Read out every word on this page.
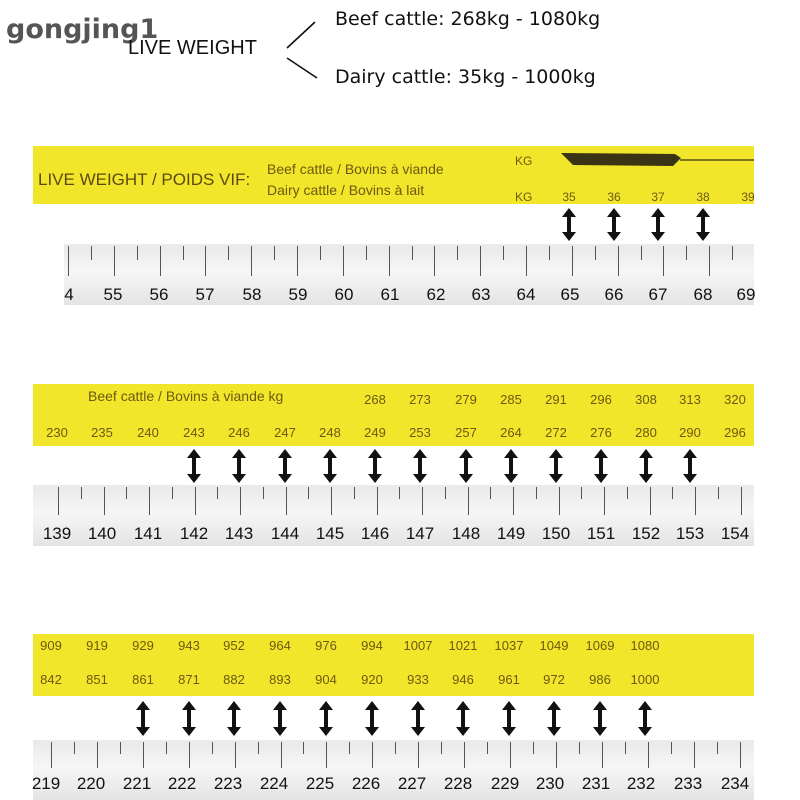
gongjing1
LIVE WEIGHT
Beef cattle: 268kg - 1080kg
Dairy cattle: 35kg - 1000kg
LIVE WEIGHT / POIDS VIF:
Beef cattle / Bovins à viande
Dairy cattle / Bovins à lait
KG
KG 35	36	37	38	39
4 55 56 57 58 59 60 61 62 63 64 65 66 67 68 69
Beef cattle / Bovins à viande kg	268 273 279 285 291 296 308 313 320
230 235 240 243 246 247 248 249 253 257 264 272 276 280 290 296
139 140 141 142 143 144 145 146 147 148 149 150 151 152 153 154
909 919 929 943 952 964 976 994 1007 1021 1037 1049 1069 1080
842 851 861 871 882 893 904 920 933 946 961 972 986 1000
219 220 221 222 223 224 225 226 227 228 229 230 231 232 233 234
